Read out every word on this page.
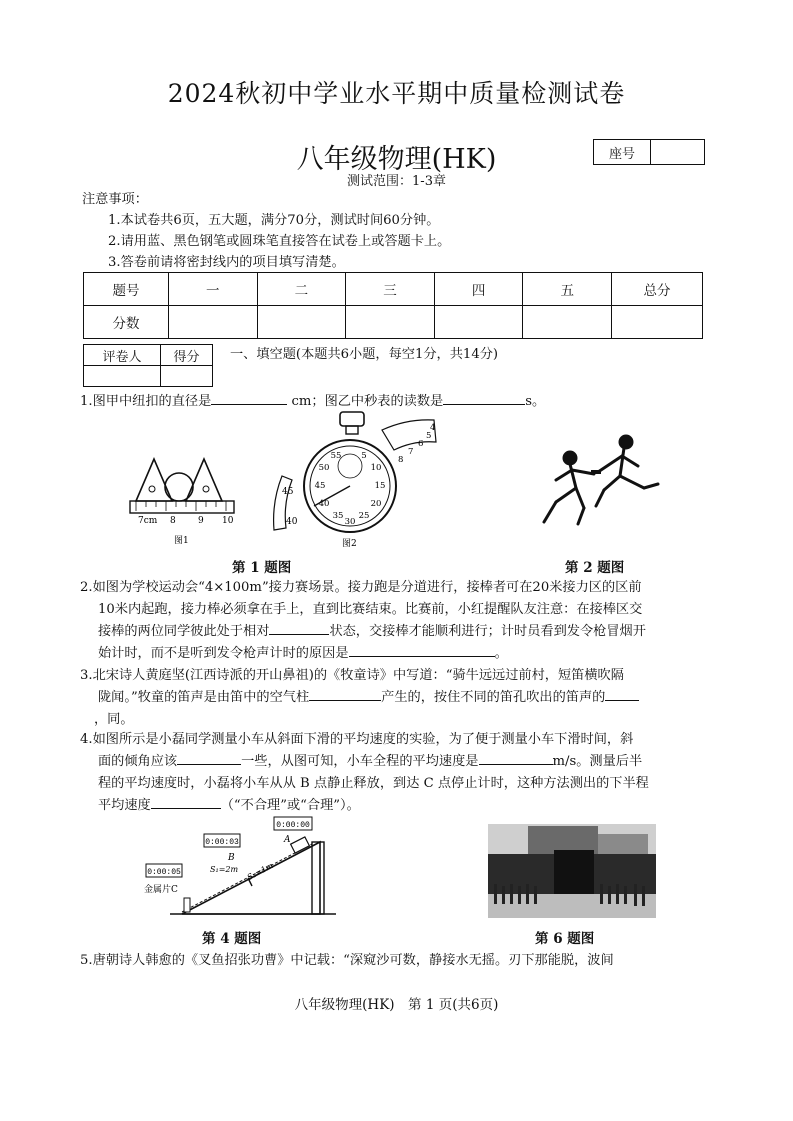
2024秋初中学业水平期中质量检测试卷
八年级物理(HK)	座号
测试范围：1-3章
注意事项：
1.本试卷共6页，五大题，满分70分，测试时间60分钟。
2.请用蓝、黑色钢笔或圆珠笔直接答在试卷上或答题卡上。
3.答卷前请将密封线内的项目填写清楚。
题号	一	二	三	四	五	总分
分数						
评卷人	得分
	一、填空题(本题共6小题，每空1分，共14分)
1.图甲中纽扣的直径是	cm；图乙中秒表的读数是	s。
7cm 8 9 10
图1
55 5
50	10
45	15
40	20
35 25
30
8
7
6
5
4
45
40
图2
第 1 题图	第 2 题图
2.如图为学校运动会“4×100m”接力赛场景。接力跑是分道进行，接棒者可在20米接力区的区前
10米内起跑，接力棒必须拿在手上，直到比赛结束。比赛前，小红提醒队友注意：在接棒区交
接棒的两位同学彼此处于相对	状态，交接棒才能顺利进行；计时员看到发令枪冒烟开
始计时，而不是听到发令枪声计时的原因是	。
3.北宋诗人黄庭坚(江西诗派的开山鼻祖)的《牧童诗》中写道：“骑牛远远过前村，短笛横吹隔
陇闻。”牧童的笛声是由笛中的空气柱	产生的，按住不同的笛孔吹出的笛声的
，同。
4.如图所示是小磊同学测量小车从斜面下滑的平均速度的实验，为了便于测量小车下滑时间，斜
面的倾角应该	一些，从图可知，小车全程的平均速度是	m/s。测量后半
程的平均速度时，小磊将小车从从 B 点静止释放，到达 C 点停止计时，这种方法测出的下半程
平均速度	（“不合理”或“合理”）。
0:00:00
0:00:03
0:00:05
A
B
金属片C
S₁=2m S₂=1m
第 4 题图	第 6 题图
5.唐朝诗人韩愈的《叉鱼招张功曹》中记载：“深窥沙可数，静接水无摇。刃下那能脱，波间
八年级物理(HK)　第 1 页(共6页)
